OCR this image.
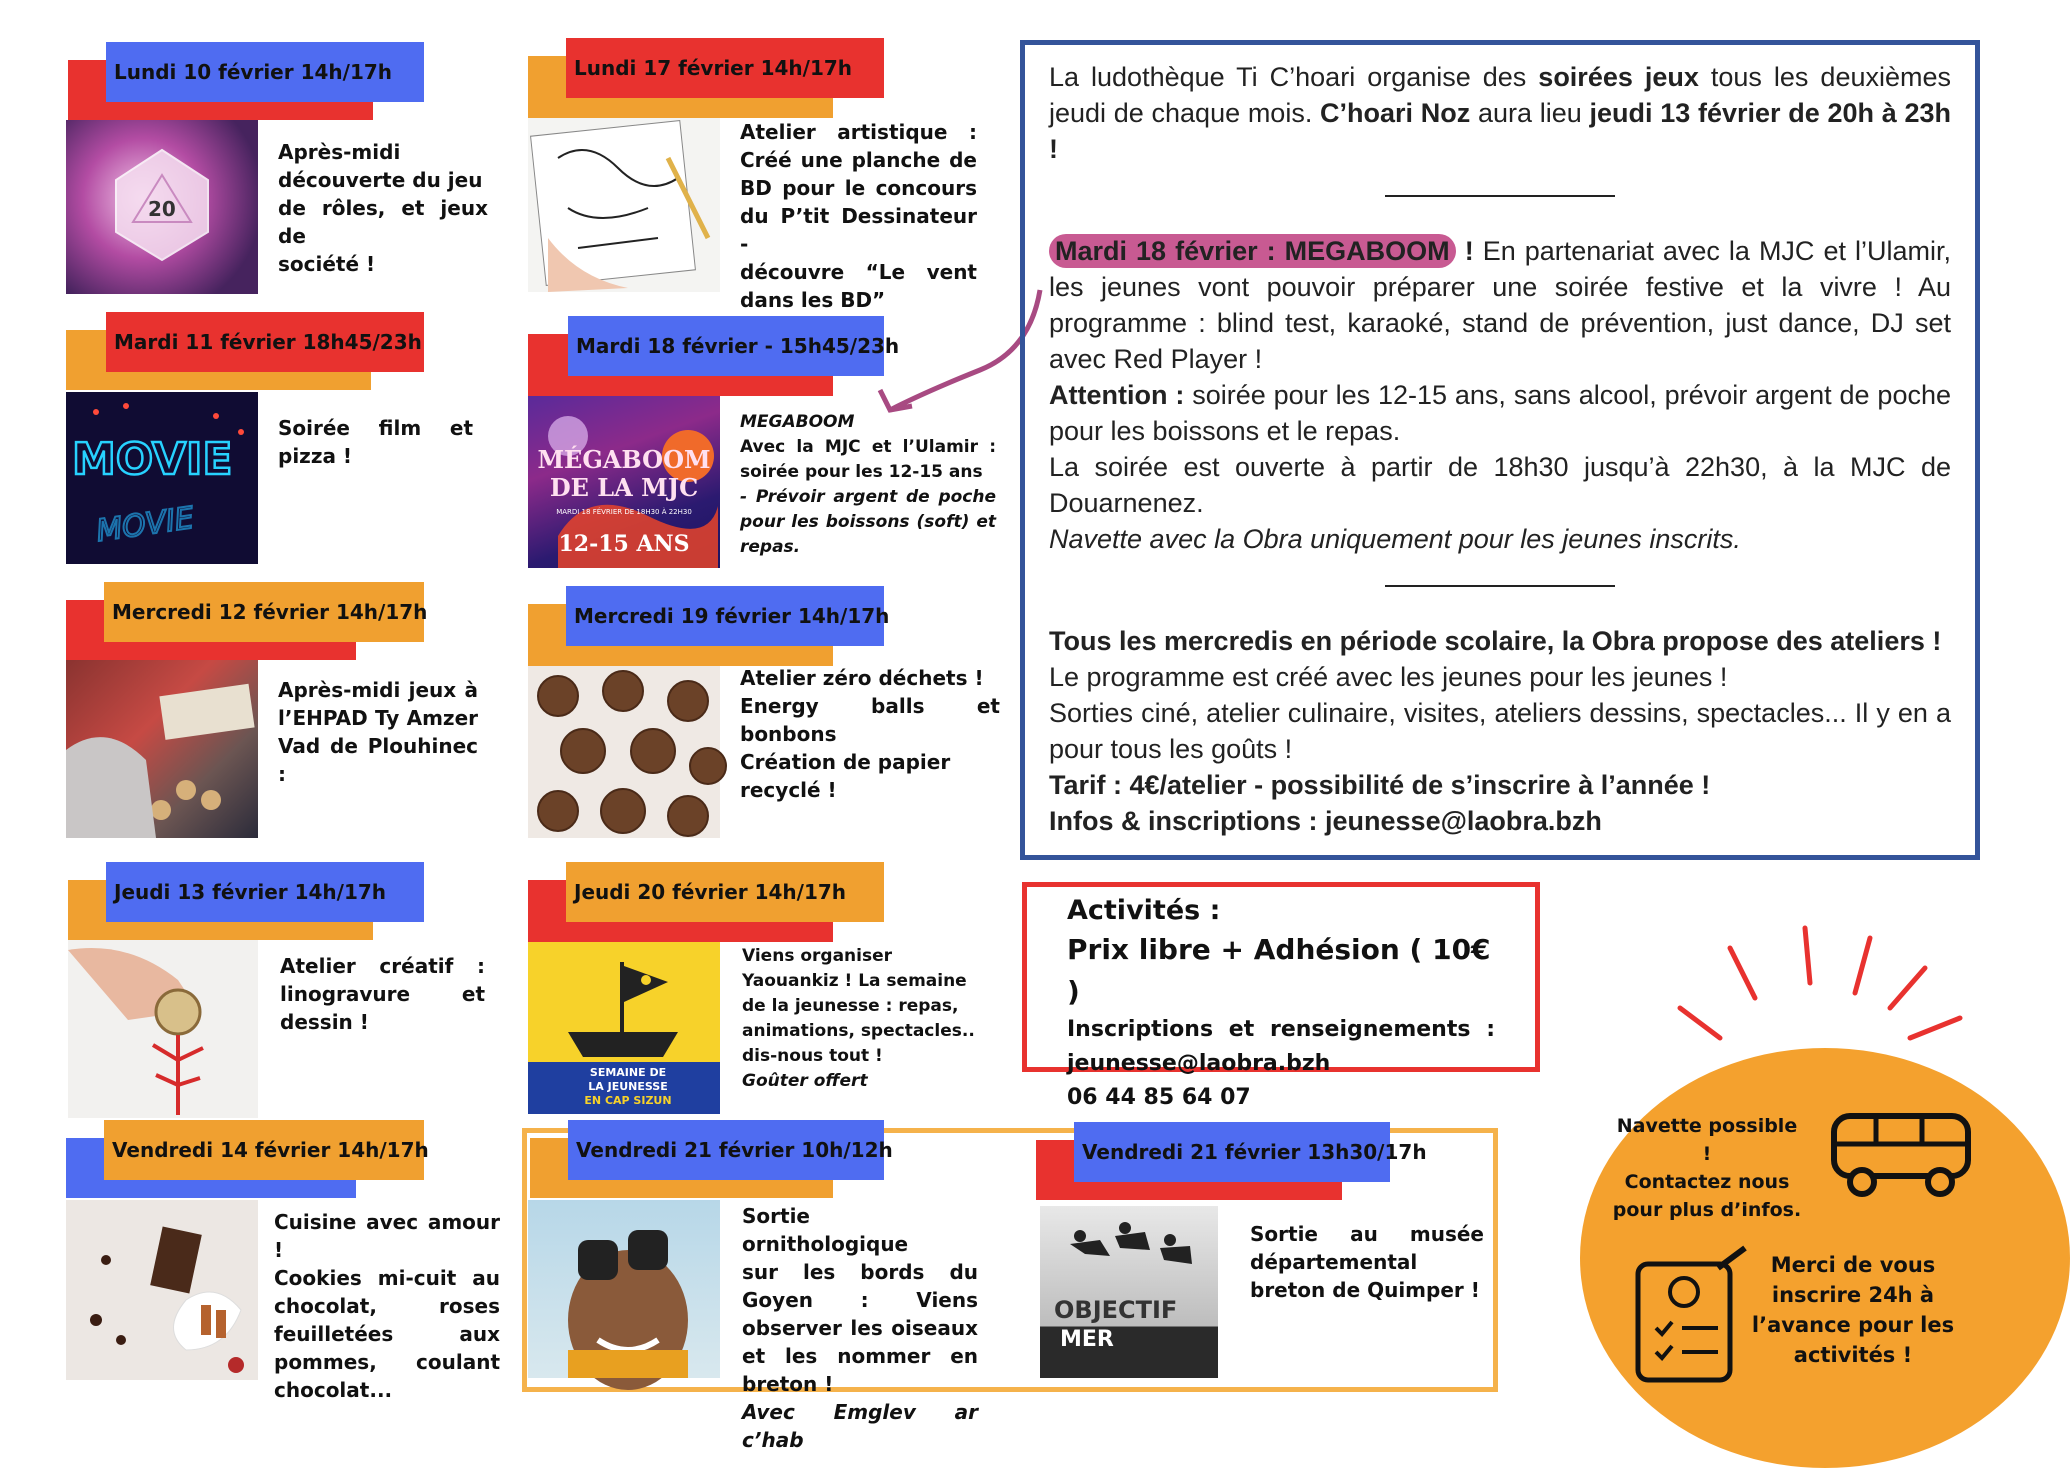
Lundi 10 février 14h/17h
20
Après-midi
découverte du jeu
de rôles, et jeux de
société !
Mardi 11 février 18h45/23h
MOVIE
MOVIE
Soirée film et
pizza !
Mercredi 12 février 14h/17h
Après-midi jeux à
l’EHPAD Ty Amzer
Vad de Plouhinec :
Jeudi 13 février 14h/17h
Atelier créatif :
linogravure et
dessin !
Vendredi 14 février 14h/17h
Cuisine avec amour !
Cookies mi-cuit au
chocolat, roses
feuilletées aux
pommes, coulant
chocolat...
Lundi 17 février 14h/17h
Atelier artistique :
Créé une planche de
BD pour le concours
du P’tit Dessinateur -
découvre “Le vent
dans les BD”
Mardi 18 février - 15h45/23h
MÉGABOOM
DE LA MJC
MARDI 18 FÉVRIER DE 18H30 À 22H30
12-15 ANS
MEGABOOM
Avec la MJC et l’Ulamir :
soirée pour les 12-15 ans
- Prévoir argent de poche
pour les boissons (soft) et
repas.
Mercredi 19 février 14h/17h
Atelier zéro déchets !
Energy balls et bonbons
Création de papier
recyclé !
Jeudi 20 février 14h/17h
SEMAINE DE
LA JEUNESSE
EN CAP SIZUN
Viens organiser
Yaouankiz ! La semaine
de la jeunesse : repas,
animations, spectacles..
dis-nous tout !
Goûter offert
Vendredi 21 février 10h/12h
Sortie ornithologique
sur les bords du
Goyen : Viens
observer les oiseaux
et les nommer en
breton !
Avec Emglev ar c’hab
Vendredi 21 février 13h30/17h
OBJECTIF
MER
Sortie au musée
départemental
breton de Quimper !

La ludothèque Ti C’hoari organise des soirées jeux tous les deuxièmes jeudi de chaque mois. C’hoari Noz aura lieu jeudi 13 février de 20h à 23h !

Mardi 18 février : MEGABOOM ! En partenariat avec la MJC et l’Ulamir, les jeunes vont pouvoir préparer une soirée festive et la vivre ! Au programme : blind test, karaoké, stand de prévention, just dance, DJ set avec Red Player !

Attention : soirée pour les 12-15 ans, sans alcool, prévoir argent de poche pour les boissons et le repas.

La soirée est ouverte à partir de 18h30 jusqu’à 22h30, à la MJC de Douarnenez.

Navette avec la Obra uniquement pour les jeunes inscrits.

Tous les mercredis en période scolaire, la Obra propose des ateliers !

Le programme est créé avec les jeunes pour les jeunes !

Sorties ciné, atelier culinaire, visites, ateliers dessins, spectacles... Il y en a pour tous les goûts !

Tarif : 4€/atelier - possibilité de s’inscrire à l’année !

Infos & inscriptions : jeunesse@laobra.bzh

Activités :
Prix libre + Adhésion ( 10€ )
Inscriptions et renseignements :
jeunesse@laobra.bzh
06 44 85 64 07
Navette possible !
Contactez nous
pour plus d’infos.
Merci de vous
inscrire 24h à
l’avance pour les
activités !
